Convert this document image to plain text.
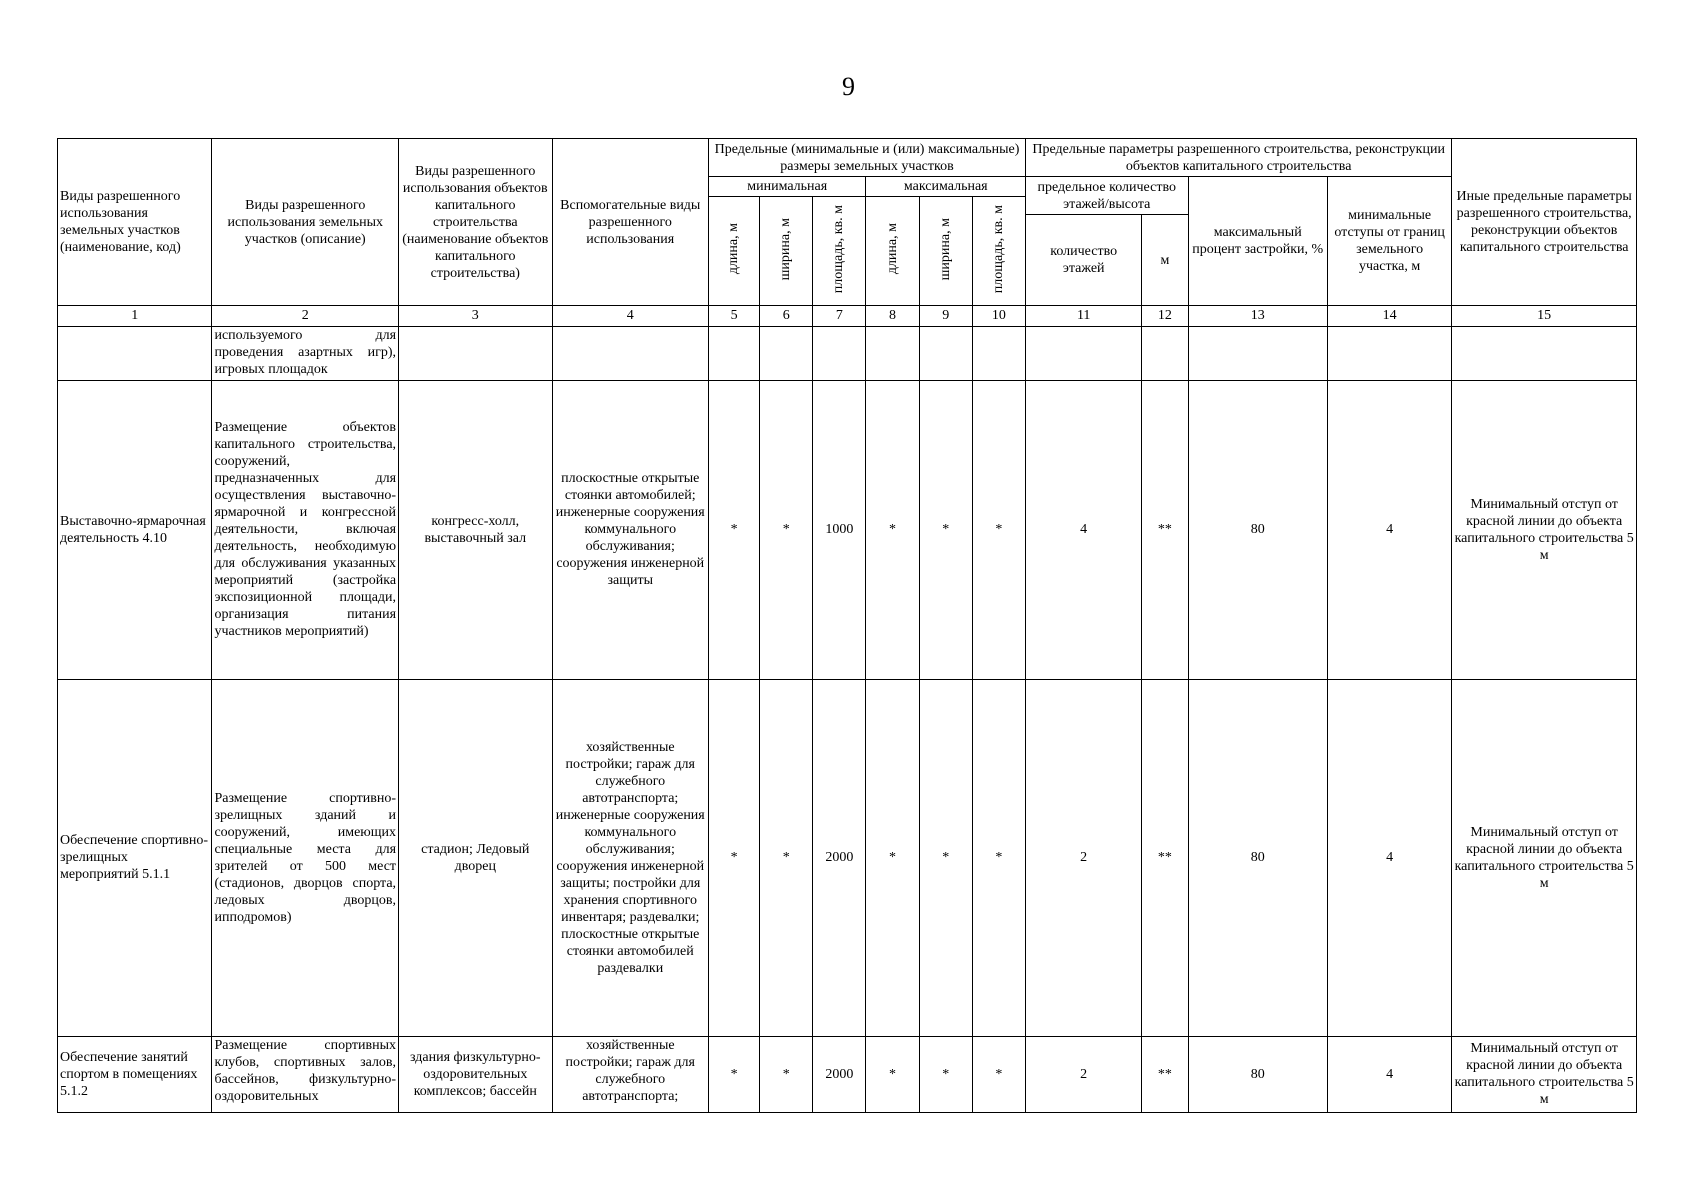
9
Виды разрешенного использования земельных участков (наименование, код)	Виды разрешенного использования земельных участков (описание)	Виды разрешенного использования объектов капитального строительства (наименование объектов капитального строительства)	Вспомогательные виды разрешенного использования	Предельные (минимальные и (или) максимальные) размеры земельных участков						Предельные параметры разрешенного строительства, реконструкции объектов капитального строительства				Иные предельные параметры разрешенного строительства, реконструкции объектов капитального строительства
				минимальная			максимальная			предельное количество этажей/высота		максимальный процент застройки, %	минимальные отступы от границ земельного участка, м	
				длина, м	ширина, м	площадь, кв. м	длина, м	ширина, м	площадь, кв. м					
										количество этажей	м			
1	2	3	4	5	6	7	8	9	10	11	12	13	14	15
	используемого для проведения азартных игр), игровых площадок													
Выставочно-ярмарочная деятельность 4.10	Размещение объектов капитального строительства, сооружений, предназначенных для осуществления выставочно-ярмарочной и конгрессной деятельности, включая деятельность, необходимую для обслуживания указанных мероприятий (застройка экспозиционной площади, организация питания участников мероприятий)	конгресс-холл, выставочный зал	плоскостные открытые стоянки автомобилей; инженерные сооружения коммунального обслуживания; сооружения инженерной защиты	*	*	1000	*	*	*	4	**	80	4	Минимальный отступ от красной линии до объекта капитального строительства 5 м
Обеспечение спортивно-зрелищных мероприятий 5.1.1	Размещение спортивно-зрелищных зданий и сооружений, имеющих специальные места для зрителей от 500 мест (стадионов, дворцов спорта, ледовых дворцов, ипподромов)	стадион; Ледовый дворец	хозяйственные постройки; гараж для служебного автотранспорта; инженерные сооружения коммунального обслуживания; сооружения инженерной защиты; постройки для хранения спортивного инвентаря; раздевалки; плоскостные открытые стоянки автомобилей раздевалки	*	*	2000	*	*	*	2	**	80	4	Минимальный отступ от красной линии до объекта капитального строительства 5 м
Обеспечение занятий спортом в помещениях 5.1.2	Размещение спортивных клубов, спортивных залов, бассейнов, физкультурно-оздоровительных	здания физкультурно-оздоровительных комплексов; бассейн	хозяйственные постройки; гараж для служебного автотранспорта;	*	*	2000	*	*	*	2	**	80	4	Минимальный отступ от красной линии до объекта капитального строительства 5 м
